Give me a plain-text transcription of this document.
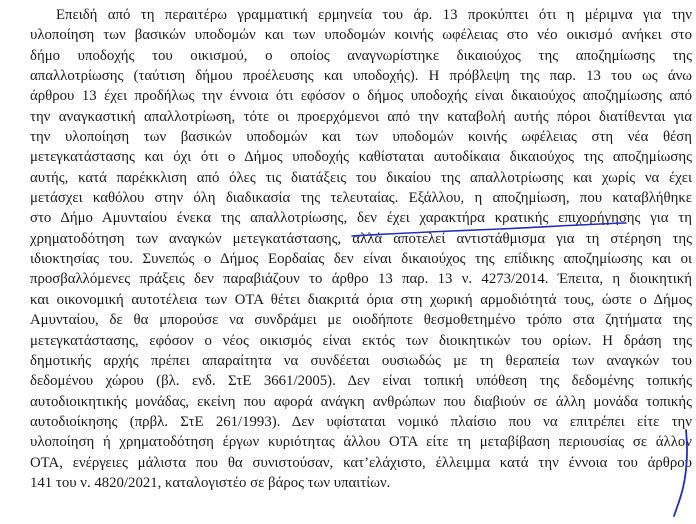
Επειδή από τη περαιτέρω γραμματική ερμηνεία του άρ. 13 προκύπτει ότι η μέριμνα για την
υλοποίηση των βασικών υποδομών και των υποδομών κοινής ωφέλειας στο νέο οικισμό ανήκει στο
δήμο υποδοχής του οικισμού, ο οποίος αναγνωρίστηκε δικαιούχος της αποζημίωσης της
απαλλοτρίωσης (ταύτιση δήμου προέλευσης και υποδοχής). Η πρόβλεψη της παρ. 13 του ως άνω
άρθρου 13 έχει προδήλως την έννοια ότι εφόσον ο δήμος υποδοχής είναι δικαιούχος αποζημίωσης από
την αναγκαστική απαλλοτρίωση, τότε οι προερχόμενοι από την καταβολή αυτής πόροι διατίθενται για
την υλοποίηση των βασικών υποδομών και των υποδομών κοινής ωφέλειας στη νέα θέση
μετεγκατάστασης και όχι ότι ο Δήμος υποδοχής καθίσταται αυτοδίκαια δικαιούχος της αποζημίωσης
αυτής, κατά παρέκκλιση από όλες τις διατάξεις του δικαίου της απαλλοτρίωσης και χωρίς να έχει
μετάσχει καθόλου στην όλη διαδικασία της τελευταίας. Εξάλλου, η αποζημίωση, που καταβλήθηκε
στο Δήμο Αμυνταίου ένεκα της απαλλοτρίωσης, δεν έχει χαρακτήρα κρατικής επιχορήγησης για τη
χρηματοδότηση των αναγκών μετεγκατάστασης, αλλά αποτελεί αντιστάθμισμα για τη στέρηση της
ιδιοκτησίας του. Συνεπώς ο Δήμος Εορδαίας δεν είναι δικαιούχος της επίδικης αποζημίωσης και οι
προσβαλλόμενες πράξεις δεν παραβιάζουν το άρθρο 13 παρ. 13 ν. 4273/2014. Έπειτα, η διοικητική
και οικονομική αυτοτέλεια των ΟΤΑ θέτει διακριτά όρια στη χωρική αρμοδιότητά τους, ώστε ο Δήμος
Αμυνταίου, δε θα μπορούσε να συνδράμει με οιοδήποτε θεσμοθετημένο τρόπο στα ζητήματα της
μετεγκατάστασης, εφόσον ο νέος οικισμός είναι εκτός των διοικητικών του ορίων. Η δράση της
δημοτικής αρχής πρέπει απαραίτητα να συνδέεται ουσιωδώς με τη θεραπεία των αναγκών του
δεδομένου χώρου (βλ. ενδ. ΣτΕ 3661/2005). Δεν είναι τοπική υπόθεση της δεδομένης τοπικής
αυτοδιοικητικής μονάδας, εκείνη που αφορά ανάγκη ανθρώπων που διαβιούν σε άλλη μονάδα τοπικής
αυτοδιοίκησης (πρβλ. ΣτΕ 261/1993). Δεν υφίσταται νομικό πλαίσιο που να επιτρέπει είτε την
υλοποίηση ή χρηματοδότηση έργων κυριότητας άλλου ΟΤΑ είτε τη μεταβίβαση περιουσίας σε άλλον
ΟΤΑ, ενέργειες μάλιστα που θα συνιστούσαν, κατ’ελάχιστο, έλλειμμα κατά την έννοια του άρθρου
141 του ν. 4820/2021, καταλογιστέο σε βάρος των υπαιτίων.
